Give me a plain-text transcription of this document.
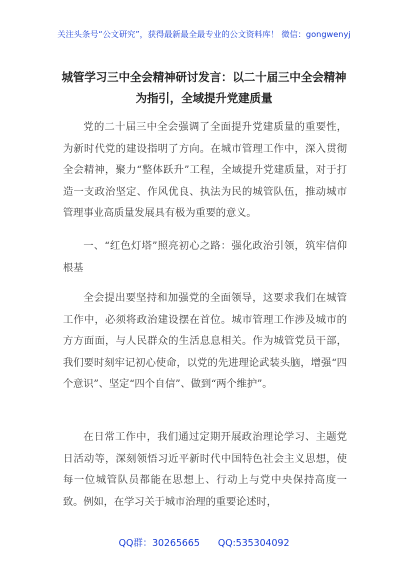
关注头条号“公文研究”，获得最新最全最专业的公文资料库！ 微信：gongwenyj
城管学习三中全会精神研讨发言：以二十届三中全会精神为指引，全域提升党建质量

党的二十届三中全会强调了全面提升党建质量的重要性，为新时代党的建设指明了方向。在城市管理工作中，深入贯彻全会精神，聚力“整体跃升”工程，全域提升党建质量，对于打造一支政治坚定、作风优良、执法为民的城管队伍，推动城市管理事业高质量发展具有极为重要的意义。

一、“红色灯塔”照亮初心之路：强化政治引领，筑牢信仰根基

全会提出要坚持和加强党的全面领导，这要求我们在城管工作中，必须将政治建设摆在首位。城市管理工作涉及城市的方方面面，与人民群众的生活息息相关。作为城管党员干部，我们要时刻牢记初心使命，以党的先进理论武装头脑，增强“四个意识”、坚定“四个自信”、做到“两个维护”。

在日常工作中，我们通过定期开展政治理论学习、主题党日活动等，深刻领悟习近平新时代中国特色社会主义思想，使每一位城管队员都能在思想上、行动上与党中央保持高度一致。例如，在学习关于城市治理的重要论述时，

QQ群：30265665 QQ:535304092
